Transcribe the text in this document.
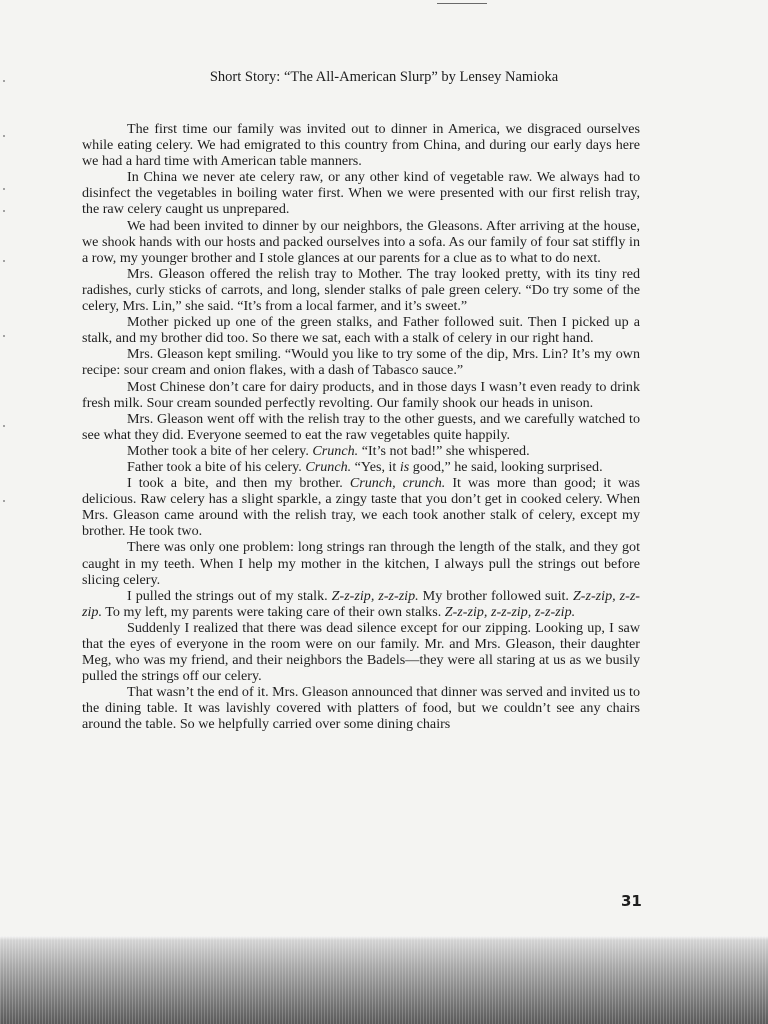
Short Story: “The All-American Slurp” by Lensey Namioka

The first time our family was invited out to dinner in America, we disgraced ourselves while eating celery. We had emigrated to this country from China, and during our early days here we had a hard time with American table manners.

In China we never ate celery raw, or any other kind of vegetable raw. We always had to disinfect the vegetables in boiling water first. When we were presented with our first relish tray, the raw celery caught us unprepared.

We had been invited to dinner by our neighbors, the Gleasons. After arriving at the house, we shook hands with our hosts and packed ourselves into a sofa. As our family of four sat stiffly in a row, my younger brother and I stole glances at our parents for a clue as to what to do next.

Mrs. Gleason offered the relish tray to Mother. The tray looked pretty, with its tiny red radishes, curly sticks of carrots, and long, slender stalks of pale green celery. “Do try some of the celery, Mrs. Lin,” she said. “It’s from a local farmer, and it’s sweet.”

Mother picked up one of the green stalks, and Father followed suit. Then I picked up a stalk, and my brother did too. So there we sat, each with a stalk of celery in our right hand.

Mrs. Gleason kept smiling. “Would you like to try some of the dip, Mrs. Lin? It’s my own recipe: sour cream and onion flakes, with a dash of Tabasco sauce.”

Most Chinese don’t care for dairy products, and in those days I wasn’t even ready to drink fresh milk. Sour cream sounded perfectly revolting. Our family shook our heads in unison.

Mrs. Gleason went off with the relish tray to the other guests, and we carefully watched to see what they did. Everyone seemed to eat the raw vegetables quite happily.

Mother took a bite of her celery. Crunch. “It’s not bad!” she whispered.

Father took a bite of his celery. Crunch. “Yes, it is good,” he said, looking surprised.

I took a bite, and then my brother. Crunch, crunch. It was more than good; it was delicious. Raw celery has a slight sparkle, a zingy taste that you don’t get in cooked celery. When Mrs. Gleason came around with the relish tray, we each took another stalk of celery, except my brother. He took two.

There was only one problem: long strings ran through the length of the stalk, and they got caught in my teeth. When I help my mother in the kitchen, I always pull the strings out before slicing celery.

I pulled the strings out of my stalk. Z-z-zip, z-z-zip. My brother followed suit. Z-z-zip, z-z-zip. To my left, my parents were taking care of their own stalks. Z-z-zip, z-z-zip, z-z-zip.

Suddenly I realized that there was dead silence except for our zipping. Looking up, I saw that the eyes of everyone in the room were on our family. Mr. and Mrs. Gleason, their daughter Meg, who was my friend, and their neighbors the Badels—they were all staring at us as we busily pulled the strings off our celery.

That wasn’t the end of it. Mrs. Gleason announced that dinner was served and invited us to the dining table. It was lavishly covered with platters of food, but we couldn’t see any chairs around the table. So we helpfully carried over some dining chairs

31
